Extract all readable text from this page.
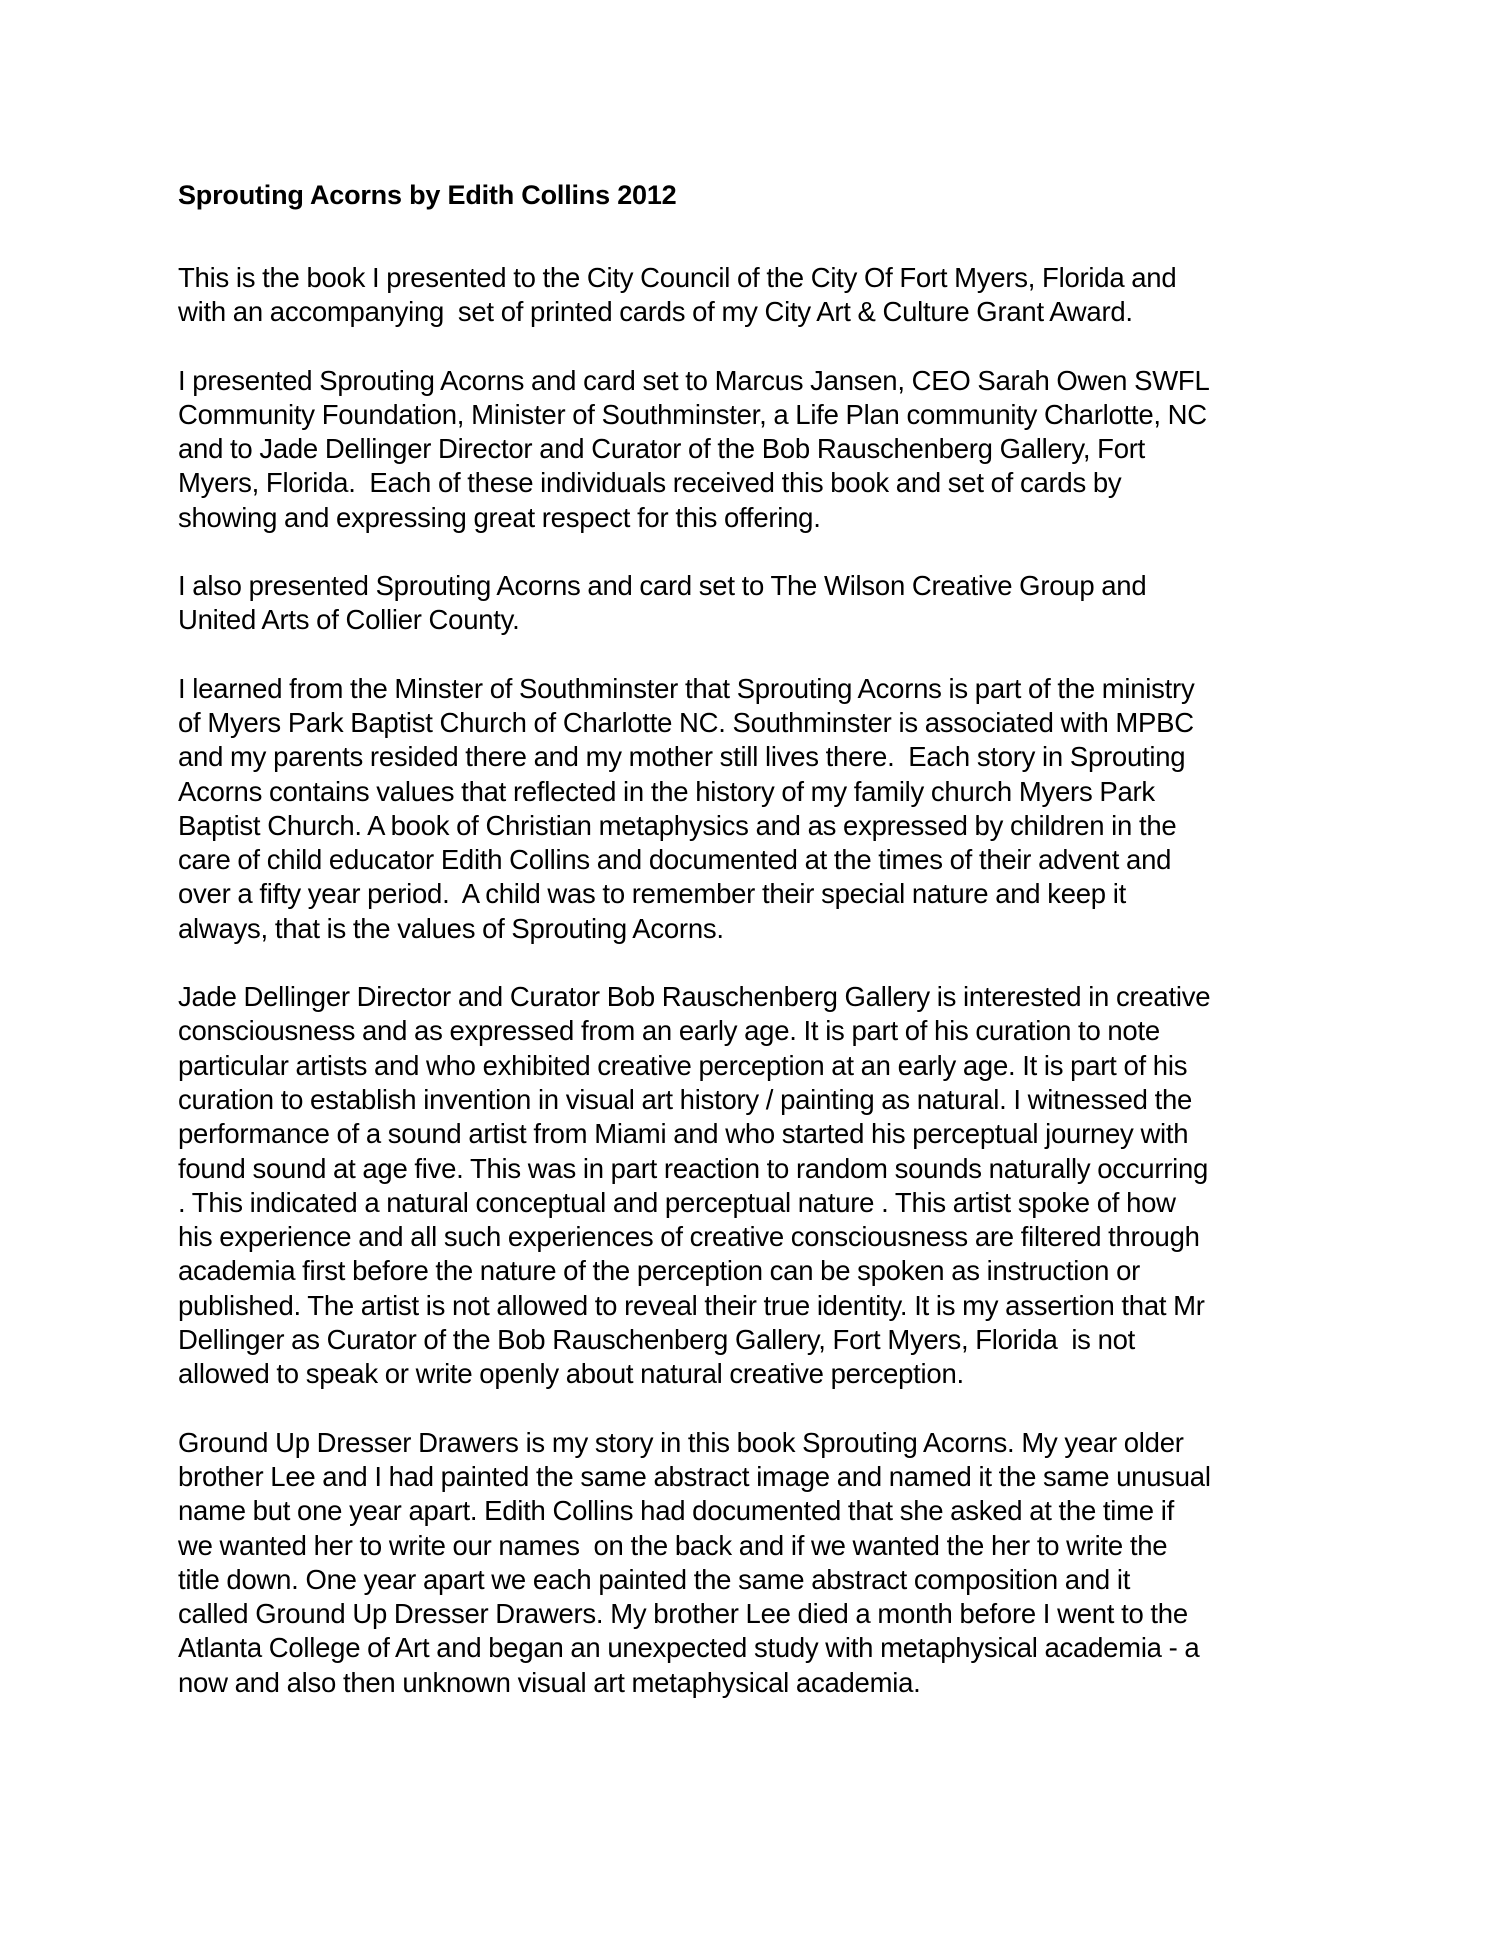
Sprouting Acorns by Edith Collins 2012
This is the book I presented to the City Council of the City Of Fort Myers, Florida and
with an accompanying  set of printed cards of my City Art & Culture Grant Award.
I presented Sprouting Acorns and card set to Marcus Jansen, CEO Sarah Owen SWFL
Community Foundation, Minister of Southminster, a Life Plan community Charlotte, NC
and to Jade Dellinger Director and Curator of the Bob Rauschenberg Gallery, Fort
Myers, Florida.  Each of these individuals received this book and set of cards by
showing and expressing great respect for this offering.
I also presented Sprouting Acorns and card set to The Wilson Creative Group and
United Arts of Collier County.
I learned from the Minster of Southminster that Sprouting Acorns is part of the ministry
of Myers Park Baptist Church of Charlotte NC. Southminster is associated with MPBC
and my parents resided there and my mother still lives there.  Each story in Sprouting
Acorns contains values that reflected in the history of my family church Myers Park
Baptist Church. A book of Christian metaphysics and as expressed by children in the
care of child educator Edith Collins and documented at the times of their advent and
over a fifty year period.  A child was to remember their special nature and keep it
always, that is the values of Sprouting Acorns.
Jade Dellinger Director and Curator Bob Rauschenberg Gallery is interested in creative
consciousness and as expressed from an early age. It is part of his curation to note
particular artists and who exhibited creative perception at an early age. It is part of his
curation to establish invention in visual art history / painting as natural. I witnessed the
performance of a sound artist from Miami and who started his perceptual journey with
found sound at age five. This was in part reaction to random sounds naturally occurring
. This indicated a natural conceptual and perceptual nature . This artist spoke of how
his experience and all such experiences of creative consciousness are filtered through
academia first before the nature of the perception can be spoken as instruction or
published. The artist is not allowed to reveal their true identity. It is my assertion that Mr
Dellinger as Curator of the Bob Rauschenberg Gallery, Fort Myers, Florida  is not
allowed to speak or write openly about natural creative perception.
Ground Up Dresser Drawers is my story in this book Sprouting Acorns. My year older
brother Lee and I had painted the same abstract image and named it the same unusual
name but one year apart. Edith Collins had documented that she asked at the time if
we wanted her to write our names  on the back and if we wanted the her to write the
title down. One year apart we each painted the same abstract composition and it
called Ground Up Dresser Drawers. My brother Lee died a month before I went to the
Atlanta College of Art and began an unexpected study with metaphysical academia - a
now and also then unknown visual art metaphysical academia.
